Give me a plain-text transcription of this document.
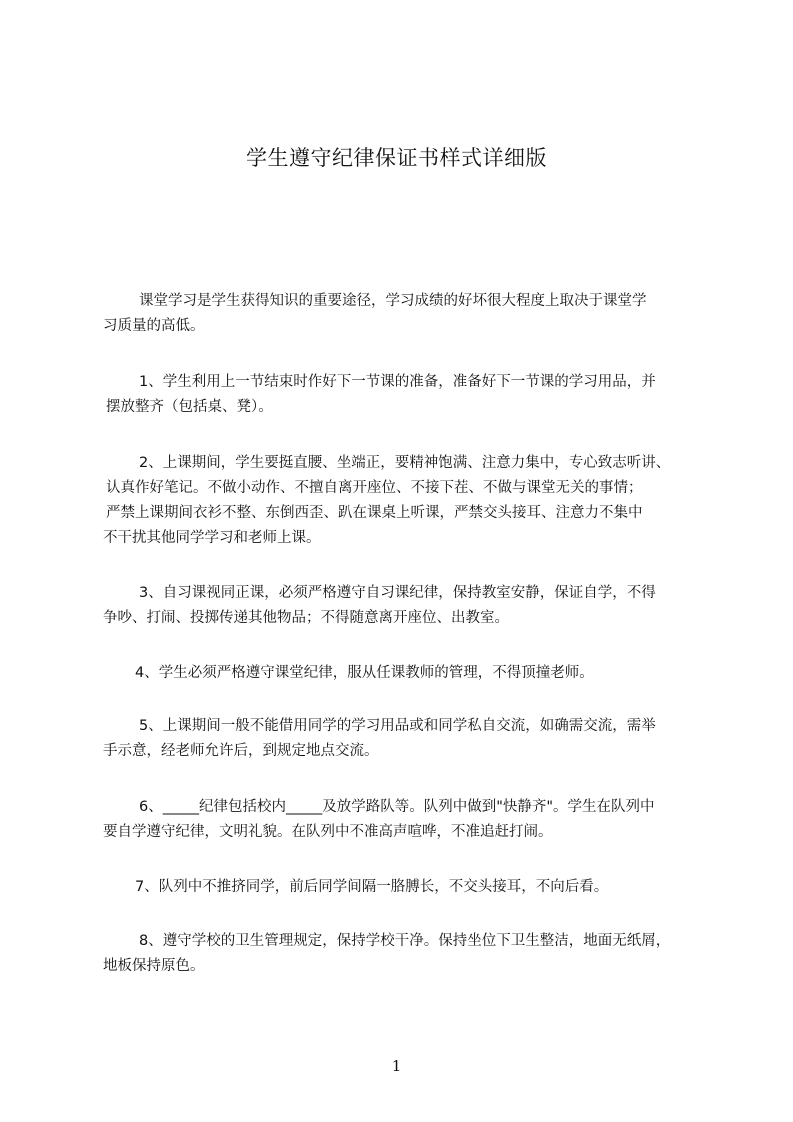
学生遵守纪律保证书样式详细版
课堂学习是学生获得知识的重要途径，学习成绩的好坏很大程度上取决于课堂学
习质量的高低。
1、学生利用上一节结束时作好下一节课的准备，准备好下一节课的学习用品，并
摆放整齐（包括桌、凳）。
2、上课期间，学生要挺直腰、坐端正，要精神饱满、注意力集中，专心致志听讲、
认真作好笔记。不做小动作、不擅自离开座位、不接下茬、不做与课堂无关的事情；
严禁上课期间衣衫不整、东倒西歪、趴在课桌上听课，严禁交头接耳、注意力不集中
不干扰其他同学学习和老师上课。
3、自习课视同正课，必须严格遵守自习课纪律，保持教室安静，保证自学，不得
争吵、打闹、投掷传递其他物品；不得随意离开座位、出教室。
4、学生必须严格遵守课堂纪律，服从任课教师的管理，不得顶撞老师。
5、上课期间一般不能借用同学的学习用品或和同学私自交流，如确需交流，需举
手示意，经老师允许后，到规定地点交流。
6、_____纪律包括校内_____及放学路队等。队列中做到"快静齐"。学生在队列中
要自学遵守纪律，文明礼貌。在队列中不准高声喧哗，不准追赶打闹。
7、队列中不推挤同学，前后同学间隔一胳膊长，不交头接耳，不向后看。
8、遵守学校的卫生管理规定，保持学校干净。保持坐位下卫生整洁，地面无纸屑，
地板保持原色。
1
